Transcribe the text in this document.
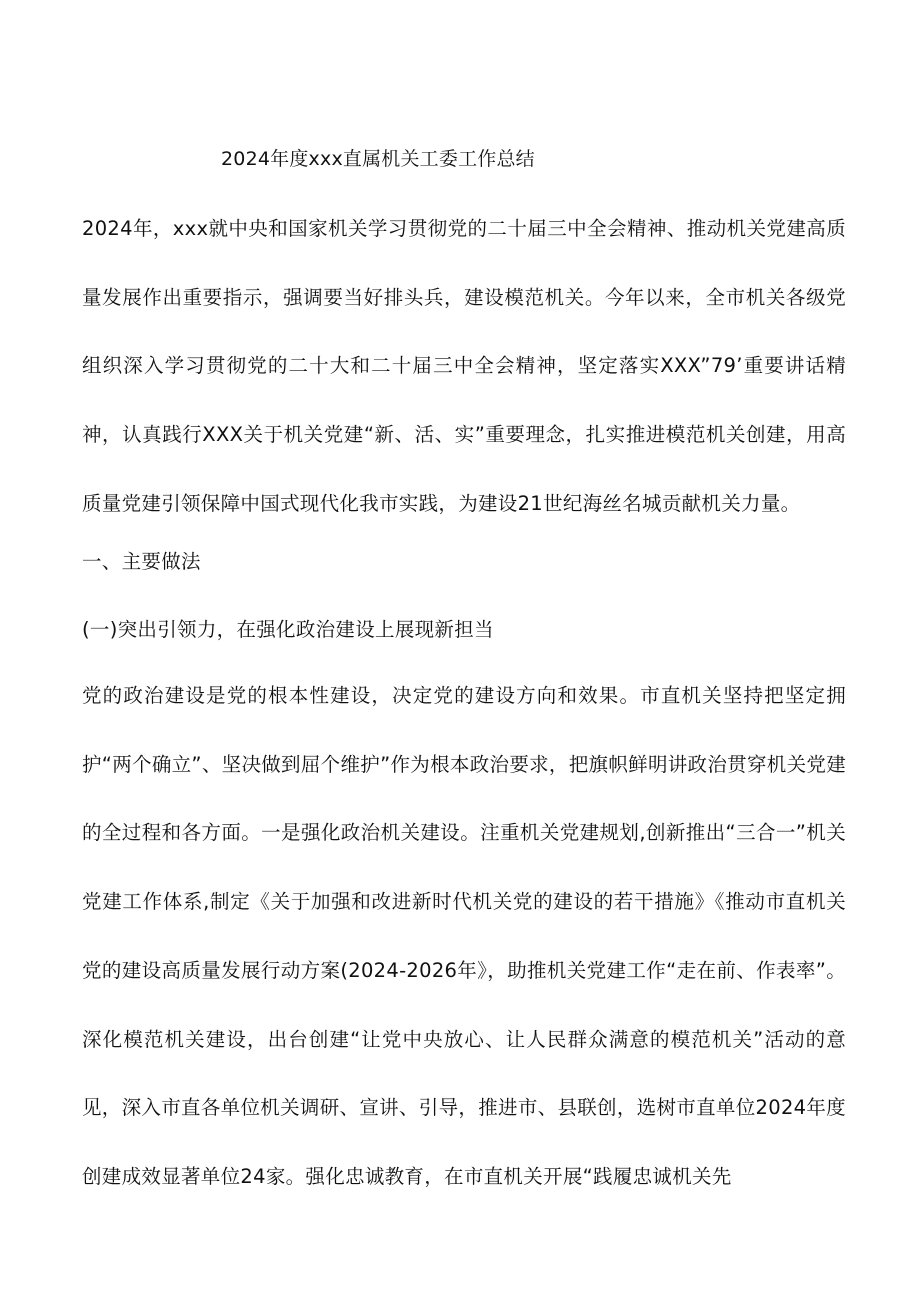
2024年度xxx直属机关工委工作总结

2024年，xxx就中央和国家机关学习贯彻党的二十届三中全会精神、推动机关党建高质量发展作出重要指示，强调要当好排头兵，建设模范机关。今年以来，全市机关各级党组织深入学习贯彻党的二十大和二十届三中全会精神，坚定落实XXX”79’重要讲话精神，认真践行XXX关于机关党建“新、活、实”重要理念，扎实推进模范机关创建，用高质量党建引领保障中国式现代化我市实践，为建设21世纪海丝名城贡献机关力量。

一、主要做法

(一)突出引领力，在强化政治建设上展现新担当

党的政治建设是党的根本性建设，决定党的建设方向和效果。市直机关坚持把坚定拥护“两个确立”、坚决做到屈个维护”作为根本政治要求，把旗帜鲜明讲政治贯穿机关党建的全过程和各方面。一是强化政治机关建设。注重机关党建规划,创新推出“三合一”机关党建工作体系,制定《关于加强和改进新时代机关党的建设的若干措施》《推动市直机关党的建设高质量发展行动方案(2024-2026年》，助推机关党建工作“走在前、作表率”。深化模范机关建设，出台创建“让党中央放心、让人民群众满意的模范机关”活动的意见，深入市直各单位机关调研、宣讲、引导，推进市、县联创，选树市直单位2024年度创建成效显著单位24家。强化忠诚教育，在市直机关开展“践履忠诚机关先
